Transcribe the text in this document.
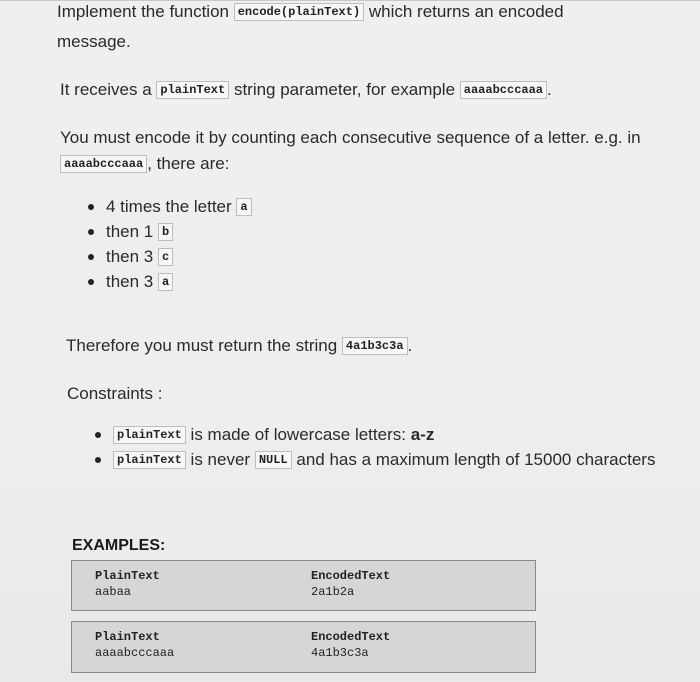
Implement the function encode(plainText) which returns an encoded
message.
It receives a plainText string parameter, for example aaaabcccaaa .
You must encode it by counting each consecutive sequence of a letter. e.g. in
aaaabcccaaa , there are:
4 times the letter a
then 1 b
then 3 c
then 3 a
Therefore you must return the string 4a1b3c3a .
Constraints :
plainText is made of lowercase letters: a-z
plainText is never NULL and has a maximum length of 15000 characters
EXAMPLES:
PlainText
aabaa
EncodedText
2a1b2a
PlainText
aaaabcccaaa
EncodedText
4a1b3c3a
